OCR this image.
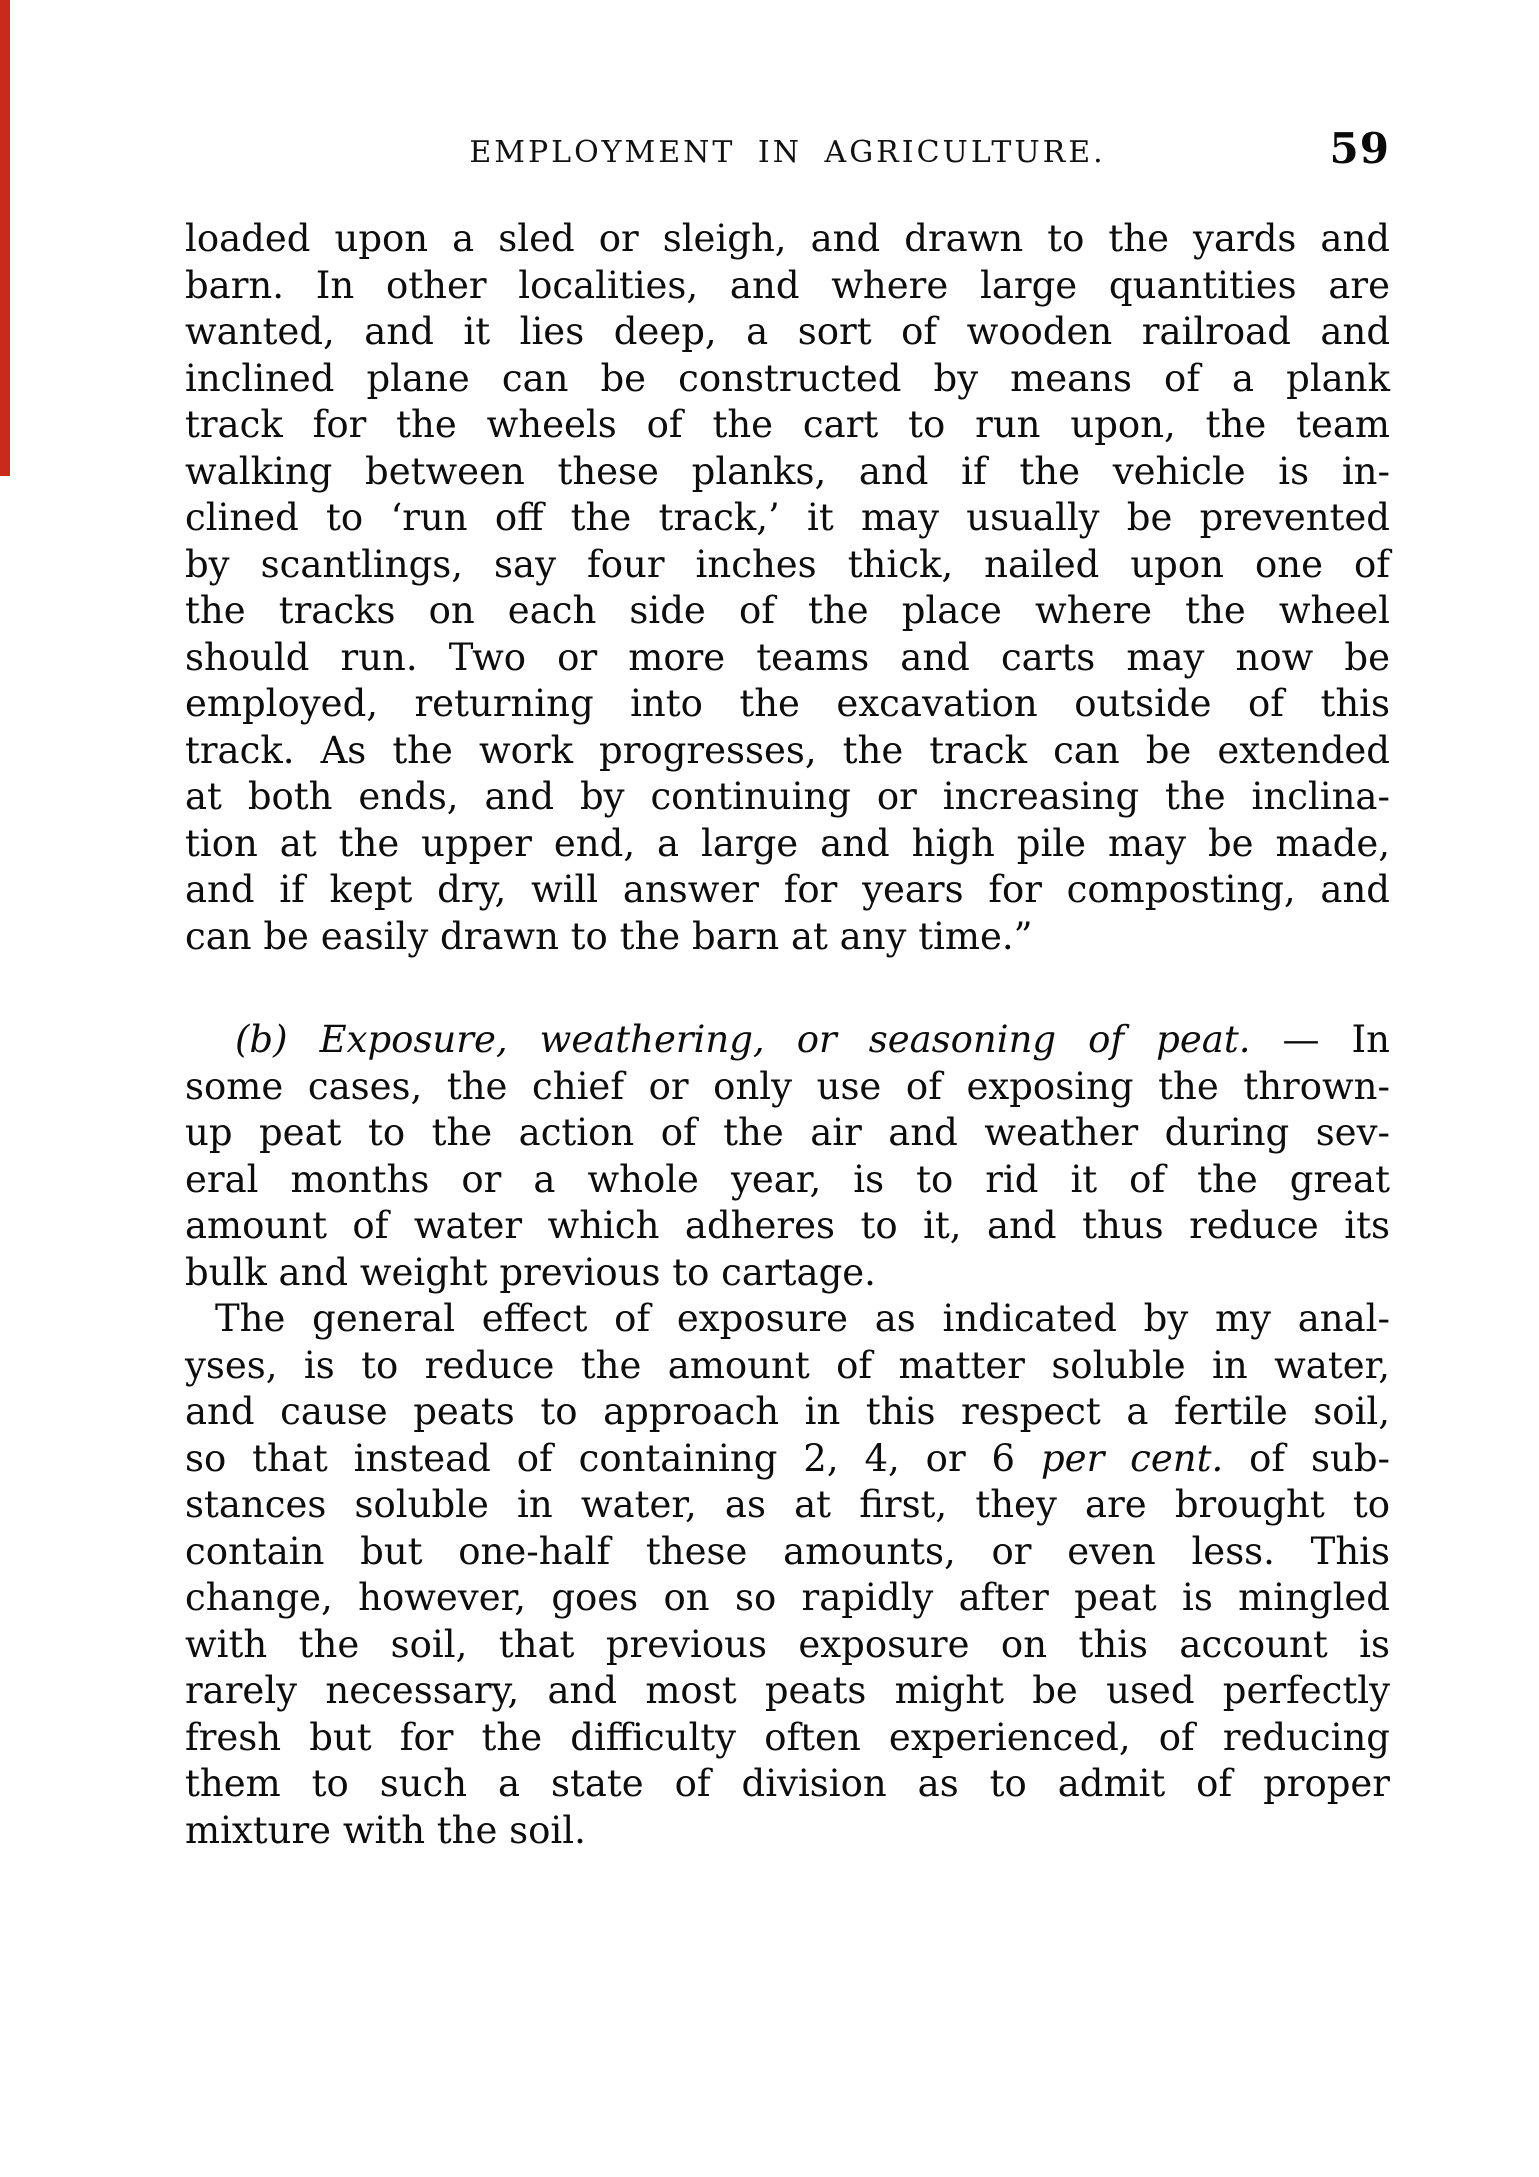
EMPLOYMENT IN AGRICULTURE.	59
loaded upon a sled or sleigh, and drawn to the yards and
barn. In other localities, and where large quantities are
wanted, and it lies deep, a sort of wooden railroad and
inclined plane can be constructed by means of a plank
track for the wheels of the cart to run upon, the team
walking between these planks, and if the vehicle is in-
clined to ‘run off the track,’ it may usually be prevented
by scantlings, say four inches thick, nailed upon one of
the tracks on each side of the place where the wheel
should run. Two or more teams and carts may now be
employed, returning into the excavation outside of this
track. As the work progresses, the track can be extended
at both ends, and by continuing or increasing the inclina-
tion at the upper end, a large and high pile may be made,
and if kept dry, will answer for years for composting, and
can be easily drawn to the barn at any time.”
(b) Exposure, weathering, or seasoning of peat. — In
some cases, the chief or only use of exposing the thrown-
up peat to the action of the air and weather during sev-
eral months or a whole year, is to rid it of the great
amount of water which adheres to it, and thus reduce its
bulk and weight previous to cartage.
The general effect of exposure as indicated by my anal-
yses, is to reduce the amount of matter soluble in water,
and cause peats to approach in this respect a fertile soil,
so that instead of containing 2, 4, or 6 per cent. of sub-
stances soluble in water, as at first, they are brought to
contain but one-half these amounts, or even less. This
change, however, goes on so rapidly after peat is mingled
with the soil, that previous exposure on this account is
rarely necessary, and most peats might be used perfectly
fresh but for the difficulty often experienced, of reducing
them to such a state of division as to admit of proper
mixture with the soil.
